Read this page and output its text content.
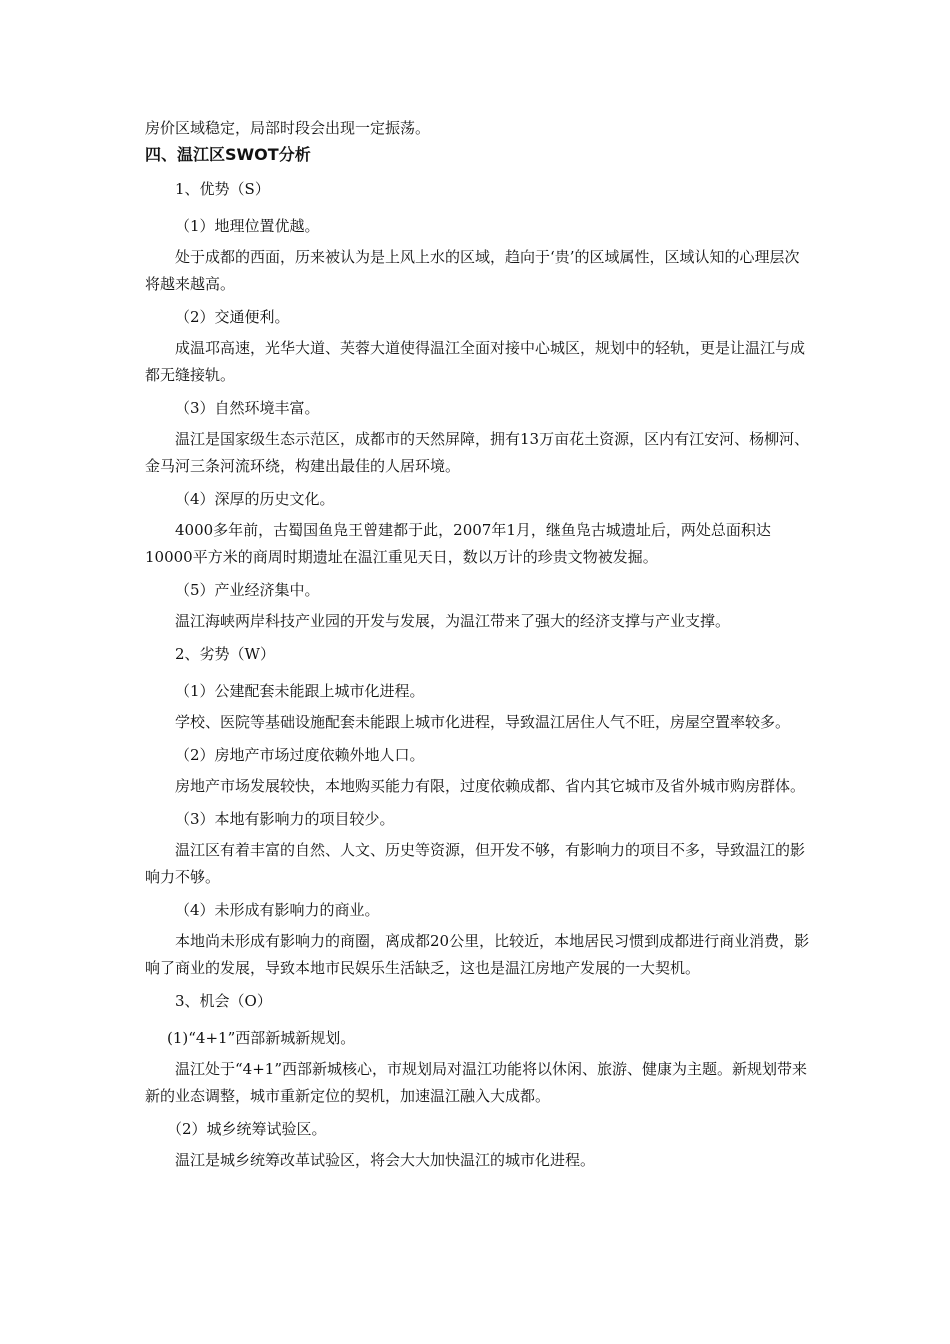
房价区域稳定，局部时段会出现一定振荡。

四、温江区SWOT分析

1、优势（S）

（1）地理位置优越。

处于成都的西面，历来被认为是上风上水的区域，趋向于‘贵’的区域属性，区域认知的心理层次将越来越高。

（2）交通便利。

成温邛高速，光华大道、芙蓉大道使得温江全面对接中心城区，规划中的轻轨，更是让温江与成都无缝接轨。

（3）自然环境丰富。

温江是国家级生态示范区，成都市的天然屏障，拥有13万亩花土资源，区内有江安河、杨柳河、金马河三条河流环绕，构建出最佳的人居环境。

（4）深厚的历史文化。

4000多年前，古蜀国鱼凫王曾建都于此，2007年1月，继鱼凫古城遗址后，两处总面积达10000平方米的商周时期遗址在温江重见天日，数以万计的珍贵文物被发掘。

（5）产业经济集中。

温江海峡两岸科技产业园的开发与发展，为温江带来了强大的经济支撑与产业支撑。

2、劣势（W）

（1）公建配套未能跟上城市化进程。

学校、医院等基础设施配套未能跟上城市化进程，导致温江居住人气不旺，房屋空置率较多。

（2）房地产市场过度依赖外地人口。

房地产市场发展较快，本地购买能力有限，过度依赖成都、省内其它城市及省外城市购房群体。

（3）本地有影响力的项目较少。

温江区有着丰富的自然、人文、历史等资源，但开发不够，有影响力的项目不多，导致温江的影响力不够。

（4）未形成有影响力的商业。

本地尚未形成有影响力的商圈，离成都20公里，比较近，本地居民习惯到成都进行商业消费，影响了商业的发展，导致本地市民娱乐生活缺乏，这也是温江房地产发展的一大契机。

3、机会（O）

(1)“4+1”西部新城新规划。

温江处于“4+1”西部新城核心，市规划局对温江功能将以休闲、旅游、健康为主题。新规划带来新的业态调整，城市重新定位的契机，加速温江融入大成都。

（2）城乡统筹试验区。

温江是城乡统筹改革试验区，将会大大加快温江的城市化进程。
